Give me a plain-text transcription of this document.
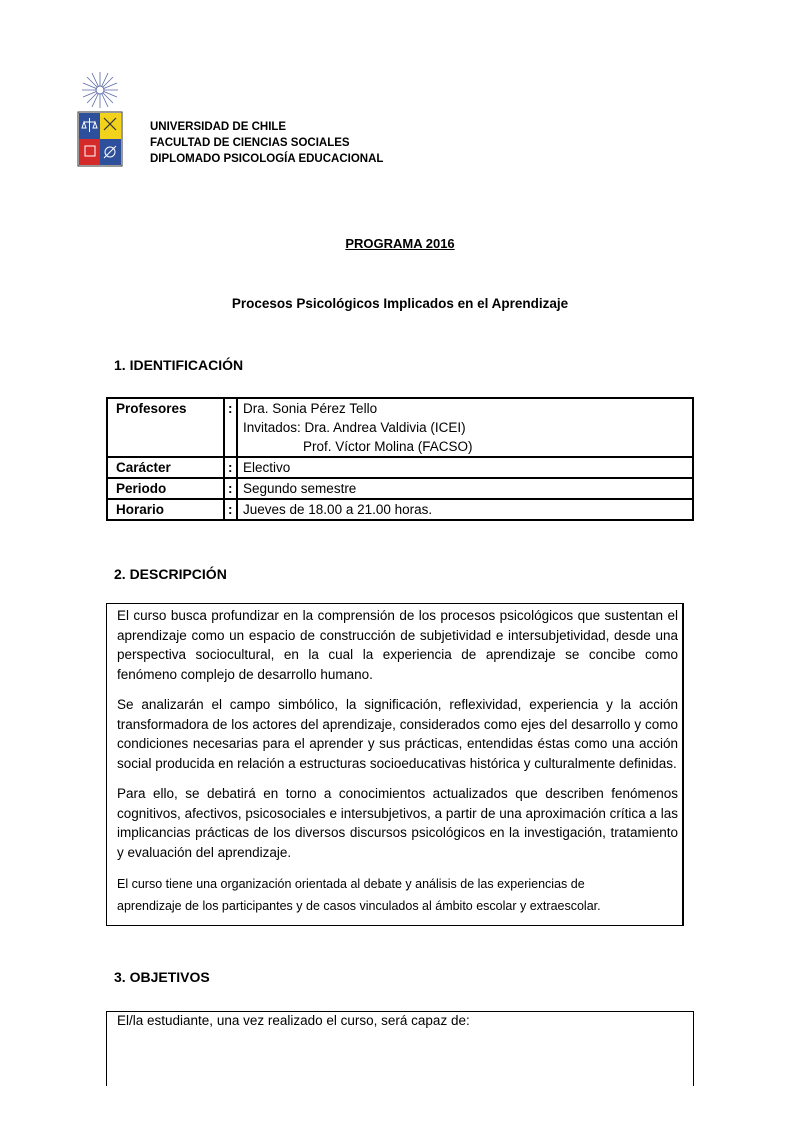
UNIVERSIDAD DE CHILE
FACULTAD DE CIENCIAS SOCIALES
DIPLOMADO PSICOLOGÍA EDUCACIONAL
PROGRAMA 2016
Procesos Psicológicos Implicados en el Aprendizaje
1. IDENTIFICACIÓN
Profesores	:	Dra. Sonia Pérez Tello
Invitados: Dra. Andrea Valdivia (ICEI)
Prof. Víctor Molina (FACSO)

Carácter	:	Electivo
Periodo	:	Segundo semestre
Horario	:	Jueves de 18.00 a 21.00 horas.
2. DESCRIPCIÓN

El curso busca profundizar en la comprensión de los procesos psicológicos que sustentan el aprendizaje como un espacio de construcción de subjetividad e intersubjetividad, desde una perspectiva sociocultural, en la cual la experiencia de aprendizaje se concibe como fenómeno complejo de desarrollo humano.

Se analizarán el campo simbólico, la significación, reflexividad, experiencia y la acción transformadora de los actores del aprendizaje, considerados como ejes del desarrollo y como condiciones necesarias para el aprender y sus prácticas, entendidas éstas como una acción social producida en relación a estructuras socioeducativas histórica y culturalmente definidas.

Para ello, se debatirá en torno a conocimientos actualizados que describen fenómenos cognitivos, afectivos, psicosociales e intersubjetivos, a partir de una aproximación crítica a las implicancias prácticas de los diversos discursos psicológicos en la investigación, tratamiento y evaluación del aprendizaje.

El curso tiene una organización orientada al debate y análisis de las experiencias de

aprendizaje de los participantes y de casos vinculados al ámbito escolar y extraescolar.

3. OBJETIVOS
El/la estudiante, una vez realizado el curso, será capaz de:
